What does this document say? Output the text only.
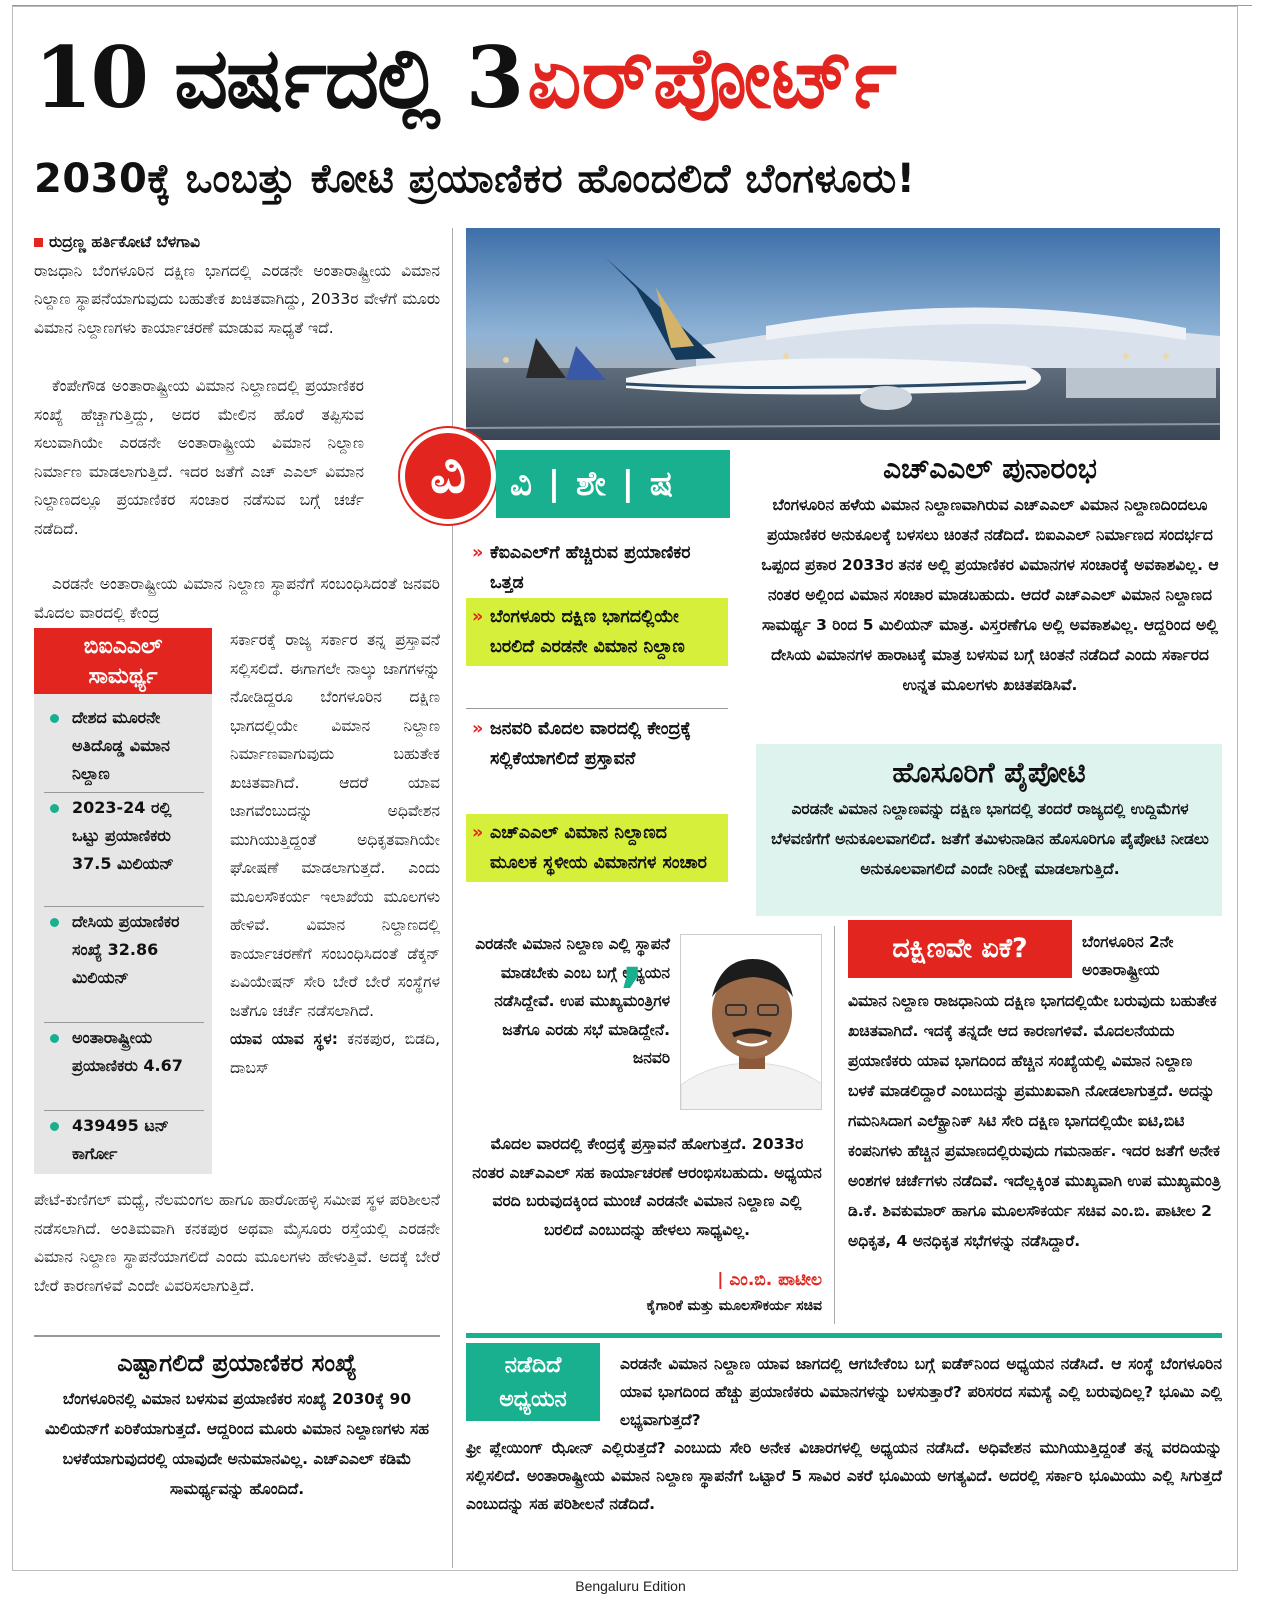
10 ವರ್ಷದಲ್ಲಿ 3 ಏರ್‌ಪೋರ್ಟ್
2030ಕ್ಕೆ ಒಂಬತ್ತು ಕೋಟಿ ಪ್ರಯಾಣಿಕರ ಹೊಂದಲಿದೆ ಬೆಂಗಳೂರು!

ರುದ್ರಣ್ಣ ಹರ್ತಿಕೋಟೆ ಬೆಳಗಾವಿ

ರಾಜಧಾನಿ ಬೆಂಗಳೂರಿನ ದಕ್ಷಿಣ ಭಾಗದಲ್ಲಿ ಎರಡನೇ ಅಂತಾರಾಷ್ಟ್ರೀಯ ವಿಮಾನ ನಿಲ್ದಾಣ ಸ್ಥಾಪನೆಯಾಗುವುದು ಬಹುತೇಕ ಖಚಿತವಾಗಿದ್ದು, 2033ರ ವೇಳೆಗೆ ಮೂರು ವಿಮಾನ ನಿಲ್ದಾಣಗಳು ಕಾರ್ಯಾಚರಣೆ ಮಾಡುವ ಸಾಧ್ಯತೆ ಇದೆ.

ಕೆಂಪೇಗೌಡ ಅಂತಾರಾಷ್ಟ್ರೀಯ ವಿಮಾನ ನಿಲ್ದಾಣದಲ್ಲಿ ಪ್ರಯಾಣಿಕರ ಸಂಖ್ಯೆ ಹೆಚ್ಚಾಗುತ್ತಿದ್ದು, ಅದರ ಮೇಲಿನ ಹೊರೆ ತಪ್ಪಿಸುವ ಸಲುವಾಗಿಯೇ ಎರಡನೇ ಅಂತಾರಾಷ್ಟ್ರೀಯ ವಿಮಾನ ನಿಲ್ದಾಣ ನಿರ್ಮಾಣ ಮಾಡಲಾಗುತ್ತಿದೆ. ಇದರ ಜತೆಗೆ ಎಚ್ ಎಎಲ್ ವಿಮಾನ ನಿಲ್ದಾಣದಲ್ಲೂ ಪ್ರಯಾಣಿಕರ ಸಂಚಾರ ನಡೆಸುವ ಬಗ್ಗೆ ಚರ್ಚೆ ನಡೆದಿದೆ.

ಎರಡನೇ ಅಂತಾರಾಷ್ಟ್ರೀಯ ವಿಮಾನ ನಿಲ್ದಾಣ ಸ್ಥಾಪನೆಗೆ ಸಂಬಂಧಿಸಿದಂತೆ ಜನವರಿ ಮೊದಲ ವಾರದಲ್ಲಿ ಕೇಂದ್ರ

ಸರ್ಕಾರಕ್ಕೆ ರಾಜ್ಯ ಸರ್ಕಾರ ತನ್ನ ಪ್ರಸ್ತಾವನೆ ಸಲ್ಲಿಸಲಿದೆ. ಈಗಾಗಲೇ ನಾಲ್ಕು ಜಾಗಗಳನ್ನು ನೋಡಿದ್ದರೂ ಬೆಂಗಳೂರಿನ ದಕ್ಷಿಣ ಭಾಗದಲ್ಲಿಯೇ ವಿಮಾನ ನಿಲ್ದಾಣ ನಿರ್ಮಾಣವಾಗುವುದು ಬಹುತೇಕ ಖಚಿತವಾಗಿದೆ. ಆದರೆ ಯಾವ ಜಾಗವೆಂಬುದನ್ನು ಅಧಿವೇಶನ ಮುಗಿಯುತ್ತಿದ್ದಂತೆ ಅಧಿಕೃತವಾಗಿಯೇ ಘೋಷಣೆ ಮಾಡಲಾಗುತ್ತದೆ. ಎಂದು ಮೂಲಸೌಕರ್ಯ ಇಲಾಖೆಯ ಮೂಲಗಳು ಹೇಳಿವೆ. ವಿಮಾನ ನಿಲ್ದಾಣದಲ್ಲಿ ಕಾರ್ಯಾಚರಣೆಗೆ ಸಂಬಂಧಿಸಿದಂತೆ ಡೆಕ್ಕನ್ ಏವಿಯೇಷನ್ ಸೇರಿ ಬೇರೆ ಬೇರೆ ಸಂಸ್ಥೆಗಳ ಜತೆಗೂ ಚರ್ಚೆ ನಡೆಸಲಾಗಿದೆ.

ಯಾವ ಯಾವ ಸ್ಥಳ: ಕನಕಪುರ, ಬಿಡದಿ, ದಾಬಸ್

ಪೇಟೆ-ಕುಣಿಗಲ್ ಮಧ್ಯೆ, ನೆಲಮಂಗಲ ಹಾಗೂ ಹಾರೋಹಳ್ಳಿ ಸಮೀಪ ಸ್ಥಳ ಪರಿಶೀಲನೆ ನಡೆಸಲಾಗಿದೆ. ಅಂತಿಮವಾಗಿ ಕನಕಪುರ ಅಥವಾ ಮೈಸೂರು ರಸ್ತೆಯಲ್ಲಿ ಎರಡನೇ ವಿಮಾನ ನಿಲ್ದಾಣ ಸ್ಥಾಪನೆಯಾಗಲಿದೆ ಎಂದು ಮೂಲಗಳು ಹೇಳುತ್ತಿವೆ. ಅದಕ್ಕೆ ಬೇರೆ ಬೇರೆ ಕಾರಣಗಳಿವೆ ಎಂದೇ ವಿವರಿಸಲಾಗುತ್ತಿದೆ.

ಬಿಐಎಎಲ್
ಸಾಮರ್ಥ್ಯ
ದೇಶದ ಮೂರನೇ ಅತಿದೊಡ್ಡ ವಿಮಾನ ನಿಲ್ದಾಣ
2023-24 ರಲ್ಲಿ ಒಟ್ಟು ಪ್ರಯಾಣಿಕರು 37.5 ಮಿಲಿಯನ್
ದೇಸಿಯ ಪ್ರಯಾಣಿಕರ ಸಂಖ್ಯೆ 32.86 ಮಿಲಿಯನ್
ಅಂತಾರಾಷ್ಟ್ರೀಯ ಪ್ರಯಾಣಿಕರು 4.67
439495 ಟನ್ ಕಾರ್ಗೋ
ಎಷ್ಟಾಗಲಿದೆ ಪ್ರಯಾಣಿಕರ ಸಂಖ್ಯೆ
ಬೆಂಗಳೂರಿನಲ್ಲಿ ವಿಮಾನ ಬಳಸುವ ಪ್ರಯಾಣಿಕರ ಸಂಖ್ಯೆ 2030ಕ್ಕೆ 90 ಮಿಲಿಯನ್‌ಗೆ ಏರಿಕೆಯಾಗುತ್ತದೆ. ಆದ್ದರಿಂದ ಮೂರು ವಿಮಾನ ನಿಲ್ದಾಣಗಳು ಸಹ ಬಳಕೆಯಾಗುವುದರಲ್ಲಿ ಯಾವುದೇ ಅನುಮಾನವಿಲ್ಲ. ಎಚ್‌ಎಎಲ್ ಕಡಿಮೆ ಸಾಮರ್ಥ್ಯವನ್ನು ಹೊಂದಿದೆ.
ವಿ	ವಿ | ಶೇ | ಷ
» ಕೆಐಎಎಲ್‌ಗೆ ಹೆಚ್ಚಿರುವ ಪ್ರಯಾಣಿಕರ ಒತ್ತಡ
» ಬೆಂಗಳೂರು ದಕ್ಷಿಣ ಭಾಗದಲ್ಲಿಯೇ ಬರಲಿದೆ ಎರಡನೇ ವಿಮಾನ ನಿಲ್ದಾಣ
» ಜನವರಿ ಮೊದಲ ವಾರದಲ್ಲಿ ಕೇಂದ್ರಕ್ಕೆ ಸಲ್ಲಿಕೆಯಾಗಲಿದೆ ಪ್ರಸ್ತಾವನೆ
» ಎಚ್‌ಎಎಲ್ ವಿಮಾನ ನಿಲ್ದಾಣದ ಮೂಲಕ ಸ್ಥಳೀಯ ವಿಮಾನಗಳ ಸಂಚಾರ
ಎಚ್‌ಎಎಲ್ ಪುನಾರಂಭ
ಬೆಂಗಳೂರಿನ ಹಳೆಯ ವಿಮಾನ ನಿಲ್ದಾಣವಾಗಿರುವ ಎಚ್‌ಎಎಲ್ ವಿಮಾನ ನಿಲ್ದಾಣದಿಂದಲೂ ಪ್ರಯಾಣಿಕರ ಅನುಕೂಲಕ್ಕೆ ಬಳಸಲು ಚಿಂತನೆ ನಡೆದಿದೆ. ಬಿಐಎಎಲ್ ನಿರ್ಮಾಣದ ಸಂದರ್ಭದ ಒಪ್ಪಂದ ಪ್ರಕಾರ 2033ರ ತನಕ ಅಲ್ಲಿ ಪ್ರಯಾಣಿಕರ ವಿಮಾನಗಳ ಸಂಚಾರಕ್ಕೆ ಅವಕಾಶವಿಲ್ಲ. ಆ ನಂತರ ಅಲ್ಲಿಂದ ವಿಮಾನ ಸಂಚಾರ ಮಾಡಬಹುದು. ಆದರೆ ಎಚ್‌ಎಎಲ್ ವಿಮಾನ ನಿಲ್ದಾಣದ ಸಾಮರ್ಥ್ಯ 3 ರಿಂದ 5 ಮಿಲಿಯನ್ ಮಾತ್ರ. ವಿಸ್ತರಣೆಗೂ ಅಲ್ಲಿ ಅವಕಾಶವಿಲ್ಲ. ಆದ್ದರಿಂದ ಅಲ್ಲಿ ದೇಸಿಯ ವಿಮಾನಗಳ ಹಾರಾಟಕ್ಕೆ ಮಾತ್ರ ಬಳಸುವ ಬಗ್ಗೆ ಚಿಂತನೆ ನಡೆದಿದೆ ಎಂದು ಸರ್ಕಾರದ ಉನ್ನತ ಮೂಲಗಳು ಖಚಿತಪಡಿಸಿವೆ.
ಹೊಸೂರಿಗೆ ಪೈಪೋಟಿ
ಎರಡನೇ ವಿಮಾನ ನಿಲ್ದಾಣವನ್ನು ದಕ್ಷಿಣ ಭಾಗದಲ್ಲಿ ತಂದರೆ ರಾಜ್ಯದಲ್ಲಿ ಉದ್ದಿಮೆಗಳ ಬೆಳವಣಿಗೆಗೆ ಅನುಕೂಲವಾಗಲಿದೆ. ಜತೆಗೆ ತಮಿಳುನಾಡಿನ ಹೊಸೂರಿಗೂ ಪೈಪೋಟಿ ನೀಡಲು ಅನುಕೂಲವಾಗಲಿದೆ ಎಂದೇ ನಿರೀಕ್ಷೆ ಮಾಡಲಾಗುತ್ತಿದೆ.
ಎರಡನೇ ವಿಮಾನ ನಿಲ್ದಾಣ ಎಲ್ಲಿ ಸ್ಥಾಪನೆ ಮಾಡಬೇಕು ಎಂಬ ಬಗ್ಗೆ ಅಧ್ಯಯನ ನಡೆಸಿದ್ದೇವೆ. ಉಪ ಮುಖ್ಯಮಂತ್ರಿಗಳ ಜತೆಗೂ ಎರಡು ಸಭೆ ಮಾಡಿದ್ದೇನೆ. ಜನವರಿ
,
ಮೊದಲ ವಾರದಲ್ಲಿ ಕೇಂದ್ರಕ್ಕೆ ಪ್ರಸ್ತಾವನೆ ಹೋಗುತ್ತದೆ. 2033ರ ನಂತರ ಎಚ್‌ಎಎಲ್ ಸಹ ಕಾರ್ಯಾಚರಣೆ ಆರಂಭಿಸಬಹುದು. ಅಧ್ಯಯನ ವರದಿ ಬರುವುದಕ್ಕಿಂದ ಮುಂಚೆ ಎರಡನೇ ವಿಮಾನ ನಿಲ್ದಾಣ ಎಲ್ಲಿ ಬರಲಿದೆ ಎಂಬುದನ್ನು ಹೇಳಲು ಸಾಧ್ಯವಿಲ್ಲ.
| ಎಂ.ಬಿ. ಪಾಟೀಲ
ಕೈಗಾರಿಕೆ ಮತ್ತು ಮೂಲಸೌಕರ್ಯ ಸಚಿವ
ದಕ್ಷಿಣವೇ ಏಕೆ?	ಬೆಂಗಳೂರಿನ 2ನೇ ಅಂತಾರಾಷ್ಟ್ರೀಯ
ವಿಮಾನ ನಿಲ್ದಾಣ ರಾಜಧಾನಿಯ ದಕ್ಷಿಣ ಭಾಗದಲ್ಲಿಯೇ ಬರುವುದು ಬಹುತೇಕ ಖಚಿತವಾಗಿದೆ. ಇದಕ್ಕೆ ತನ್ನದೇ ಆದ ಕಾರಣಗಳಿವೆ. ಮೊದಲನೆಯದು ಪ್ರಯಾಣಿಕರು ಯಾವ ಭಾಗದಿಂದ ಹೆಚ್ಚಿನ ಸಂಖ್ಯೆಯಲ್ಲಿ ವಿಮಾನ ನಿಲ್ದಾಣ ಬಳಕೆ ಮಾಡಲಿದ್ದಾರೆ ಎಂಬುದನ್ನು ಪ್ರಮುಖವಾಗಿ ನೋಡಲಾಗುತ್ತದೆ. ಅದನ್ನು ಗಮನಿಸಿದಾಗ ಎಲೆಕ್ಟ್ರಾನಿಕ್ ಸಿಟಿ ಸೇರಿ ದಕ್ಷಿಣ ಭಾಗದಲ್ಲಿಯೇ ಐಟಿ,ಬಿಟಿ ಕಂಪನಿಗಳು ಹೆಚ್ಚಿನ ಪ್ರಮಾಣದಲ್ಲಿರುವುದು ಗಮನಾರ್ಹ. ಇದರ ಜತೆಗೆ ಅನೇಕ ಅಂಶಗಳ ಚರ್ಚೆಗಳು ನಡೆದಿವೆ. ಇದೆಲ್ಲಕ್ಕಿಂತ ಮುಖ್ಯವಾಗಿ ಉಪ ಮುಖ್ಯಮಂತ್ರಿ ಡಿ.ಕೆ. ಶಿವಕುಮಾರ್ ಹಾಗೂ ಮೂಲಸೌಕರ್ಯ ಸಚಿವ ಎಂ.ಬಿ. ಪಾಟೀಲ 2 ಅಧಿಕೃತ, 4 ಅನಧಿಕೃತ ಸಭೆಗಳನ್ನು ನಡೆಸಿದ್ದಾರೆ.
ನಡೆದಿದೆ
ಅಧ್ಯಯನ
ಎರಡನೇ ವಿಮಾನ ನಿಲ್ದಾಣ ಯಾವ ಜಾಗದಲ್ಲಿ ಆಗಬೇಕೆಂಬ ಬಗ್ಗೆ ಐಡೆಕ್‌ನಿಂದ ಅಧ್ಯಯನ ನಡೆಸಿದೆ. ಆ ಸಂಸ್ಥೆ ಬೆಂಗಳೂರಿನ ಯಾವ ಭಾಗದಿಂದ ಹೆಚ್ಚು ಪ್ರಯಾಣಿಕರು ವಿಮಾನಗಳನ್ನು ಬಳಸುತ್ತಾರೆ? ಪರಿಸರದ ಸಮಸ್ಯೆ ಎಲ್ಲಿ ಬರುವುದಿಲ್ಲ? ಭೂಮಿ ಎಲ್ಲಿ ಲಭ್ಯವಾಗುತ್ತದೆ?
ಫ್ರೀ ಪ್ಲೇಯಿಂಗ್ ಝೋನ್ ಎಲ್ಲಿರುತ್ತದೆ? ಎಂಬುದು ಸೇರಿ ಅನೇಕ ವಿಚಾರಗಳಲ್ಲಿ ಅಧ್ಯಯನ ನಡೆಸಿದೆ. ಅಧಿವೇಶನ ಮುಗಿಯುತ್ತಿದ್ದಂತೆ ತನ್ನ ವರದಿಯನ್ನು ಸಲ್ಲಿಸಲಿದೆ. ಅಂತಾರಾಷ್ಟ್ರೀಯ ವಿಮಾನ ನಿಲ್ದಾಣ ಸ್ಥಾಪನೆಗೆ ಒಟ್ಟಾರೆ 5 ಸಾವಿರ ಎಕರೆ ಭೂಮಿಯ ಅಗತ್ಯವಿದೆ. ಅದರಲ್ಲಿ ಸರ್ಕಾರಿ ಭೂಮಿಯು ಎಲ್ಲಿ ಸಿಗುತ್ತದೆ ಎಂಬುದನ್ನು ಸಹ ಪರಿಶೀಲನೆ ನಡೆದಿದೆ.
Bengaluru Edition
